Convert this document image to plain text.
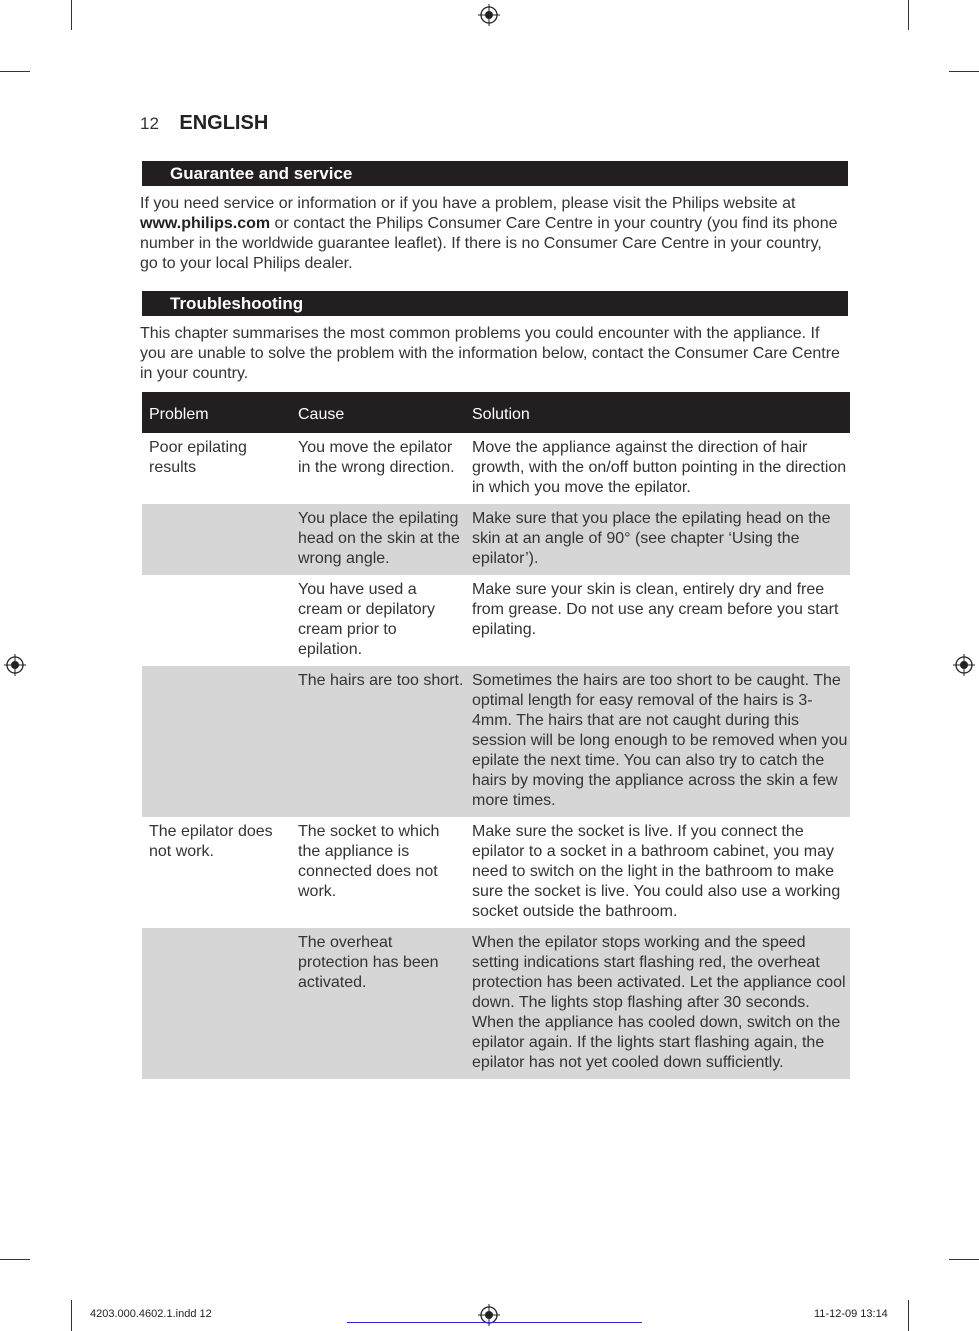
12 ENGLISH
Guarantee and service

If you need service or information or if you have a problem, please visit the Philips website at www.philips.com or contact the Philips Consumer Care Centre in your country (you find its phone number in the worldwide guarantee leaflet). If there is no Consumer Care Centre in your country, go to your local Philips dealer.

Troubleshooting

This chapter summarises the most common problems you could encounter with the appliance. If you are unable to solve the problem with the information below, contact the Consumer Care Centre in your country.

Problem	Cause	Solution
Poor epilating results	You move the epilator in the wrong direction.	Move the appliance against the direction of hair growth, with the on/off button pointing in the direction in which you move the epilator.
	You place the epilating head on the skin at the wrong angle.	Make sure that you place the epilating head on the skin at an angle of 90° (see chapter ‘Using the epilator’).
	You have used a cream or depilatory cream prior to epilation.	Make sure your skin is clean, entirely dry and free from grease. Do not use any cream before you start epilating.
	The hairs are too short.	Sometimes the hairs are too short to be caught. The optimal length for easy removal of the hairs is 3-4mm. The hairs that are not caught during this session will be long enough to be removed when you epilate the next time. You can also try to catch the hairs by moving the appliance across the skin a few more times.
The epilator does not work.	The socket to which the appliance is connected does not work.	Make sure the socket is live. If you connect the epilator to a socket in a bathroom cabinet, you may need to switch on the light in the bathroom to make sure the socket is live. You could also use a working socket outside the bathroom.
	The overheat protection has been activated.	When the epilator stops working and the speed setting indications start flashing red, the overheat protection has been activated. Let the appliance cool down. The lights stop flashing after 30 seconds. When the appliance has cooled down, switch on the epilator again. If the lights start flashing again, the epilator has not yet cooled down sufficiently.
4203.000.4602.1.indd 12	11-12-09 13:14
